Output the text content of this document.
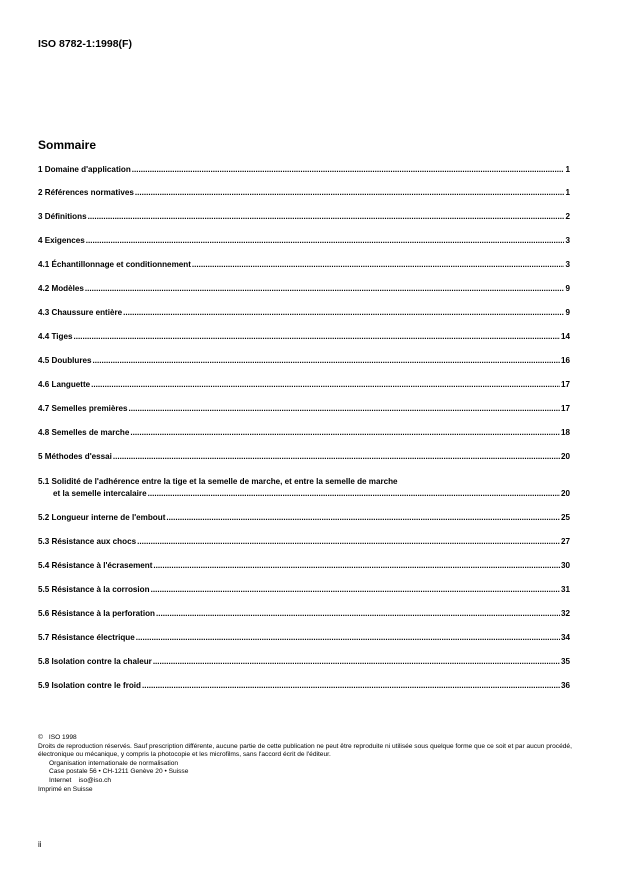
ISO 8782-1:1998(F)
Sommaire
1 Domaine d'application .....	1
2 Références normatives .....	1
3 Définitions .....	2
4 Exigences .....	3
4.1 Échantillonnage et conditionnement .....	3
4.2 Modèles .....	9
4.3 Chaussure entière .....	9
4.4 Tiges .....	14
4.5 Doublures .....	16
4.6 Languette .....	17
4.7 Semelles premières .....	17
4.8 Semelles de marche .....	18
5 Méthodes d'essai .....	20
5.1 Solidité de l'adhérence entre la tige et la semelle de marche, et entre la semelle de marche
et la semelle intercalaire .....	20
5.2 Longueur interne de l'embout .....	25
5.3 Résistance aux chocs .....	27
5.4 Résistance à l'écrasement .....	30
5.5 Résistance à la corrosion .....	31
5.6 Résistance à la perforation .....	32
5.7 Résistance électrique .....	34
5.8 Isolation contre la chaleur .....	35
5.9 Isolation contre le froid .....	36
© ISO 1998
Droits de reproduction réservés. Sauf prescription différente, aucune partie de cette publication ne peut être reproduite ni utilisée sous quelque forme que ce soit et par aucun procédé, électronique ou mécanique, y compris la photocopie et les microfilms, sans l'accord écrit de l'éditeur.
Organisation internationale de normalisation
Case postale 56 • CH-1211 Genève 20 • Suisse
Internet iso@iso.ch
Imprimé en Suisse
ii
